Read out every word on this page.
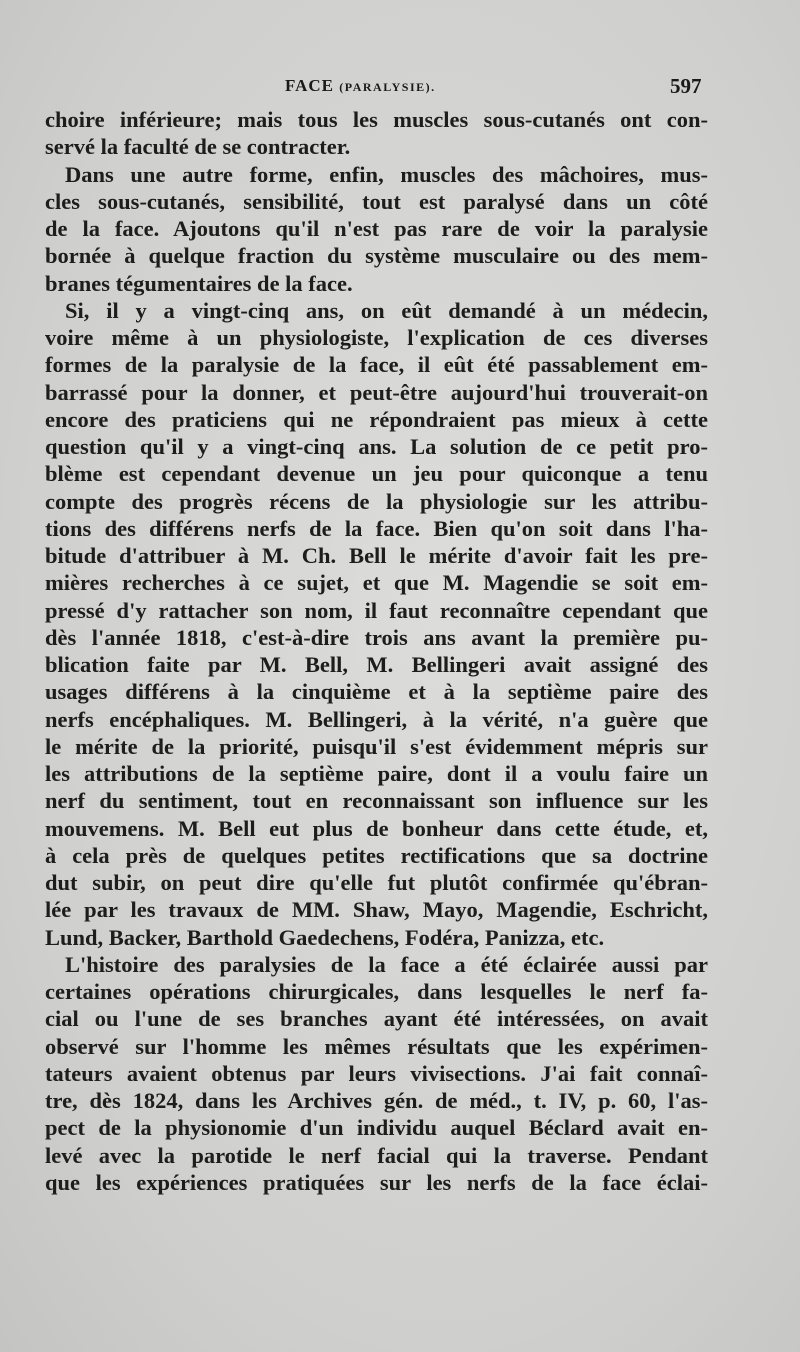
FACE (PARALYSIE).	597
choire inférieure; mais tous les muscles sous-cutanés ont con-
servé la faculté de se contracter.
Dans une autre forme, enfin, muscles des mâchoires, mus-
cles sous-cutanés, sensibilité, tout est paralysé dans un côté
de la face. Ajoutons qu'il n'est pas rare de voir la paralysie
bornée à quelque fraction du système musculaire ou des mem-
branes tégumentaires de la face.
Si, il y a vingt-cinq ans, on eût demandé à un médecin,
voire même à un physiologiste, l'explication de ces diverses
formes de la paralysie de la face, il eût été passablement em-
barrassé pour la donner, et peut-être aujourd'hui trouverait-on
encore des praticiens qui ne répondraient pas mieux à cette
question qu'il y a vingt-cinq ans. La solution de ce petit pro-
blème est cependant devenue un jeu pour quiconque a tenu
compte des progrès récens de la physiologie sur les attribu-
tions des différens nerfs de la face. Bien qu'on soit dans l'ha-
bitude d'attribuer à M. Ch. Bell le mérite d'avoir fait les pre-
mières recherches à ce sujet, et que M. Magendie se soit em-
pressé d'y rattacher son nom, il faut reconnaître cependant que
dès l'année 1818, c'est-à-dire trois ans avant la première pu-
blication faite par M. Bell, M. Bellingeri avait assigné des
usages différens à la cinquième et à la septième paire des
nerfs encéphaliques. M. Bellingeri, à la vérité, n'a guère que
le mérite de la priorité, puisqu'il s'est évidemment mépris sur
les attributions de la septième paire, dont il a voulu faire un
nerf du sentiment, tout en reconnaissant son influence sur les
mouvemens. M. Bell eut plus de bonheur dans cette étude, et,
à cela près de quelques petites rectifications que sa doctrine
dut subir, on peut dire qu'elle fut plutôt confirmée qu'ébran-
lée par les travaux de MM. Shaw, Mayo, Magendie, Eschricht,
Lund, Backer, Barthold Gaedechens, Fodéra, Panizza, etc.
L'histoire des paralysies de la face a été éclairée aussi par
certaines opérations chirurgicales, dans lesquelles le nerf fa-
cial ou l'une de ses branches ayant été intéressées, on avait
observé sur l'homme les mêmes résultats que les expérimen-
tateurs avaient obtenus par leurs vivisections. J'ai fait connaî-
tre, dès 1824, dans les Archives gén. de méd., t. IV, p. 60, l'as-
pect de la physionomie d'un individu auquel Béclard avait en-
levé avec la parotide le nerf facial qui la traverse. Pendant
que les expériences pratiquées sur les nerfs de la face éclai-
